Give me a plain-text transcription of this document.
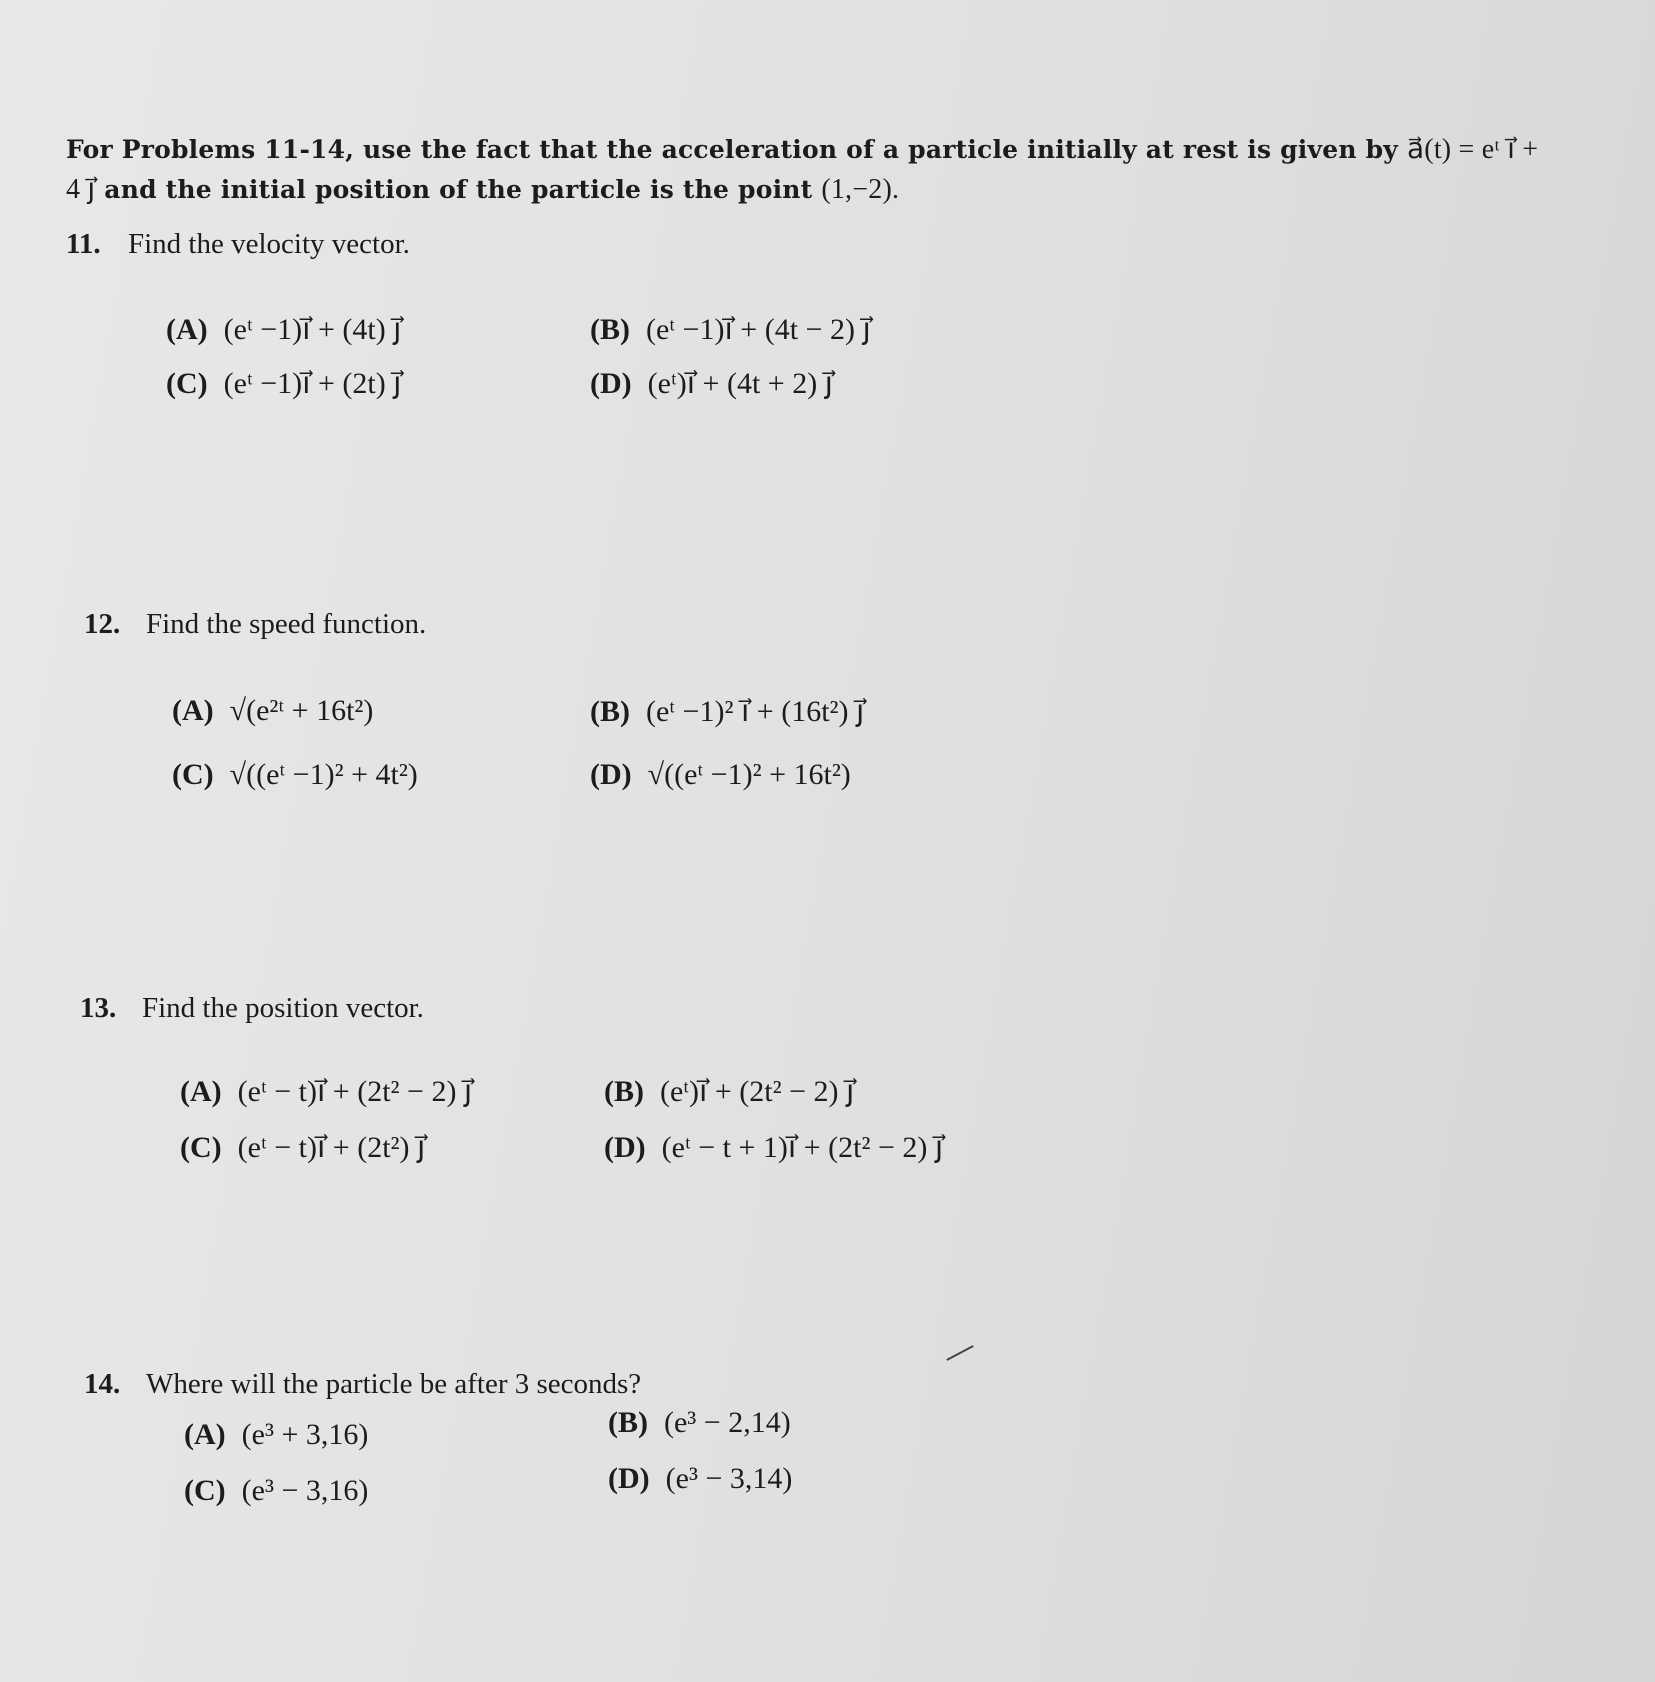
For Problems 11-14, use the fact that the acceleration of a particle initially at rest is given by a⃗(t) = eᵗ i⃗ + 4 j⃗ and the initial position of the particle is the point (1,−2).
11. Find the velocity vector.
(A) (eᵗ −1)i⃗ + (4t) j⃗	(B) (eᵗ −1)i⃗ + (4t − 2) j⃗
(C) (eᵗ −1)i⃗ + (2t) j⃗	(D) (eᵗ)i⃗ + (4t + 2) j⃗
12. Find the speed function.
(A) √(e²ᵗ + 16t²)	(B) (eᵗ −1)² i⃗ + (16t²) j⃗
(C) √((eᵗ −1)² + 4t²)	(D) √((eᵗ −1)² + 16t²)
13. Find the position vector.
(A) (eᵗ − t)i⃗ + (2t² − 2) j⃗	(B) (eᵗ)i⃗ + (2t² − 2) j⃗
(C) (eᵗ − t)i⃗ + (2t²) j⃗	(D) (eᵗ − t + 1)i⃗ + (2t² − 2) j⃗
14. Where will the particle be after 3 seconds?
(A) (e³ + 3,16)	(B) (e³ − 2,14)
(C) (e³ − 3,16)	(D) (e³ − 3,14)
